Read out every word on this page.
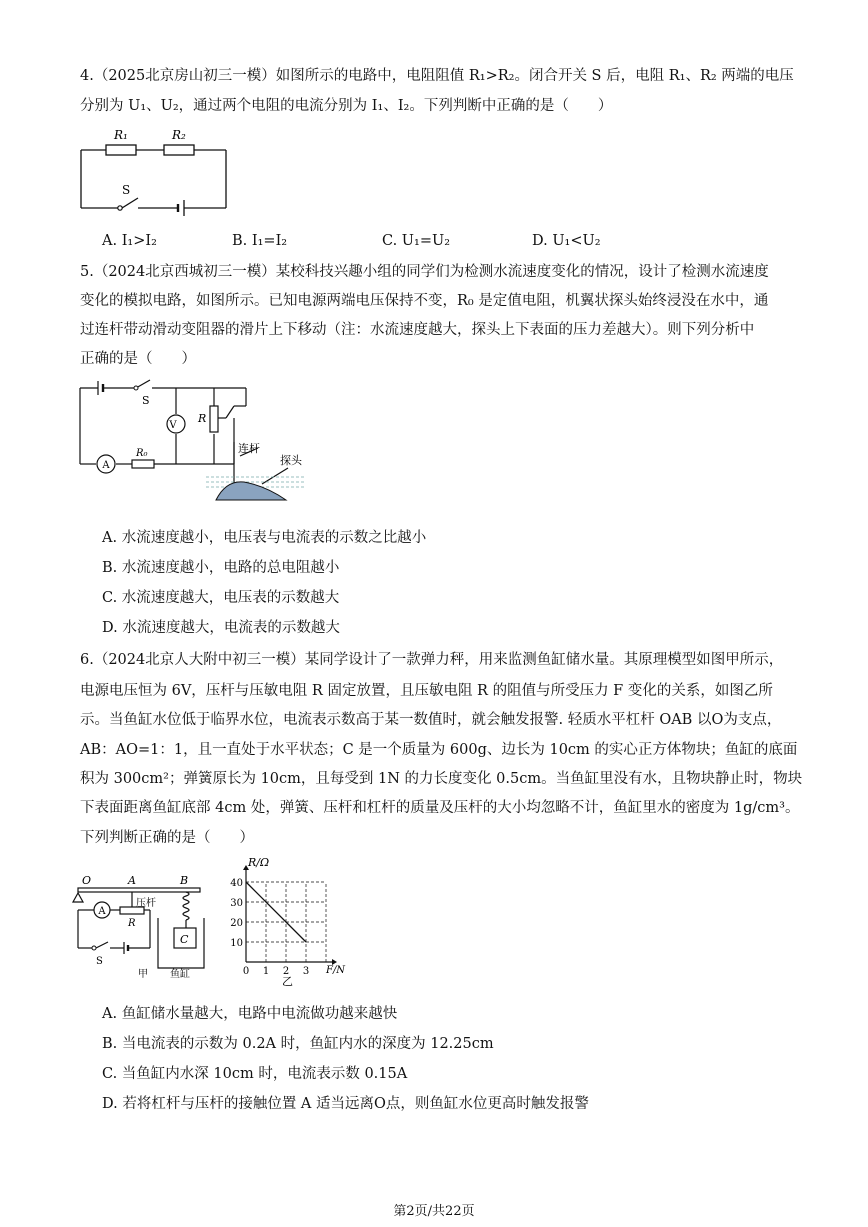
4.（2025北京房山初三一模）如图所示的电路中，电阻阻值 R₁>R₂。闭合开关 S 后，电阻 R₁、R₂ 两端的电压
分别为 U₁、U₂，通过两个电阻的电流分别为 I₁、I₂。下列判断中正确的是（　　）
R₁	R₂
S
A. I₁>I₂	B. I₁=I₂	C. U₁=U₂	D. U₁<U₂
5.（2024北京西城初三一模）某校科技兴趣小组的同学们为检测水流速度变化的情况，设计了检测水流速度
变化的模拟电路，如图所示。已知电源两端电压保持不变，R₀ 是定值电阻，机翼状探头始终浸没在水中，通
过连杆带动滑动变阻器的滑片上下移动（注：水流速度越大，探头上下表面的压力差越大）。则下列分析中
正确的是（　　）
V
A
S
R
R₀	连杆
探头
A. 水流速度越小，电压表与电流表的示数之比越小
B. 水流速度越小，电路的总电阻越小
C. 水流速度越大，电压表的示数越大
D. 水流速度越大，电流表的示数越大
6.（2024北京人大附中初三一模）某同学设计了一款弹力秤，用来监测鱼缸储水量。其原理模型如图甲所示，
电源电压恒为 6V，压杆与压敏电阻 R 固定放置，且压敏电阻 R 的阻值与所受压力 F 变化的关系，如图乙所
示。当鱼缸水位低于临界水位，电流表示数高于某一数值时，就会触发报警. 轻质水平杠杆 OAB 以O为支点，
AB：AO=1：1，且一直处于水平状态；C 是一个质量为 600g、边长为 10cm 的实心正方体物块；鱼缸的底面
积为 300cm²；弹簧原长为 10cm，且每受到 1N 的力长度变化 0.5cm。当鱼缸里没有水，且物块静止时，物块
下表面距离鱼缸底部 4cm 处，弹簧、压杆和杠杆的质量及压杆的大小均忽略不计，鱼缸里水的密度为 1g/cm³。
下列判断正确的是（　　）
O	A	B
压杆
R
A
S
C
鱼缸
甲
R/Ω
F/N
乙
10
20
30
40
0 1 2 3
A. 鱼缸储水量越大，电路中电流做功越来越快
B. 当电流表的示数为 0.2A 时，鱼缸内水的深度为 12.25cm
C. 当鱼缸内水深 10cm 时，电流表示数 0.15A
D. 若将杠杆与压杆的接触位置 A 适当远离O点，则鱼缸水位更高时触发报警
第2页/共22页
